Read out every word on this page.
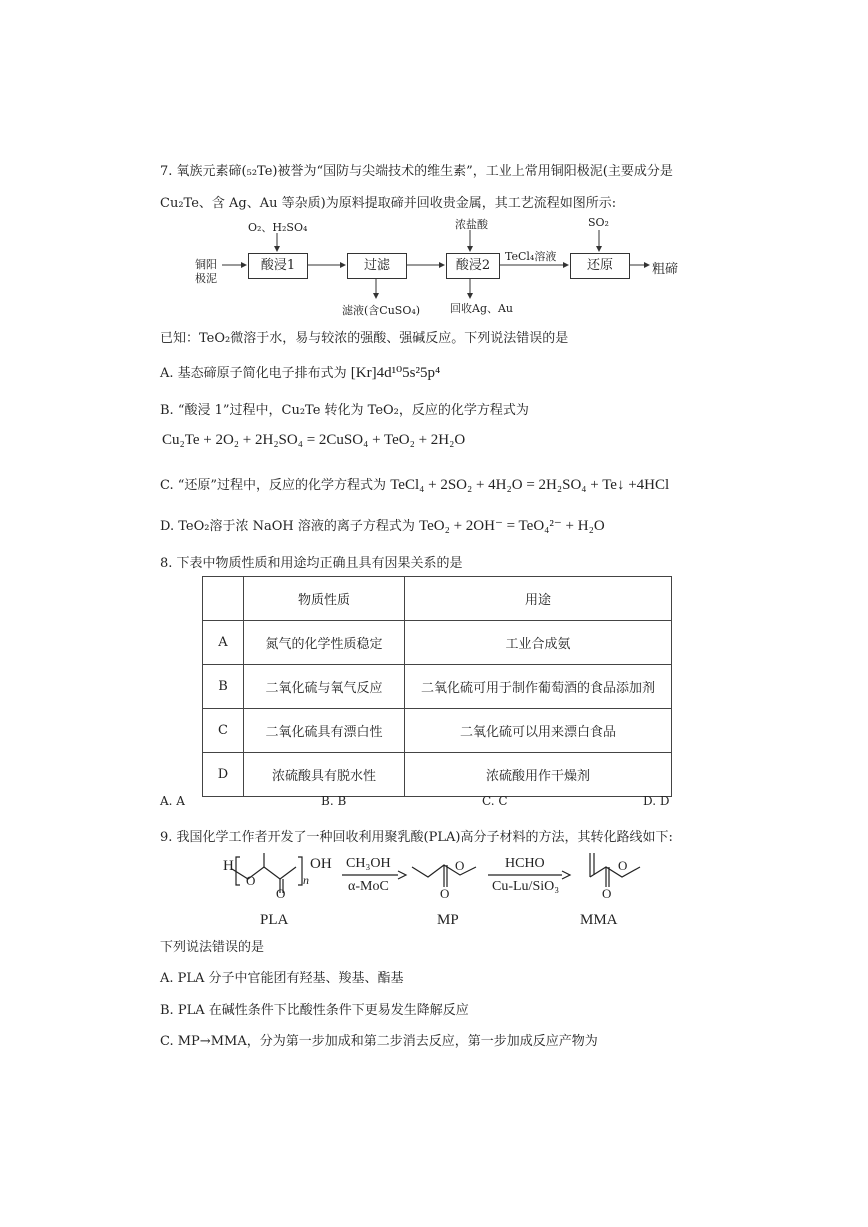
7. 氧族元素碲(₅₂Te)被誉为“国防与尖端技术的维生素”，工业上常用铜阳极泥(主要成分是
Cu₂Te、含 Ag、Au 等杂质)为原料提取碲并回收贵金属，其工艺流程如图所示:
铜阳
极泥
O₂、H₂SO₄
酸浸1	过滤
滤液(含CuSO₄)
浓盐酸
酸浸2
回收Ag、Au
TeCl₄溶液
SO₂
还原	粗碲
已知：TeO₂微溶于水，易与较浓的强酸、强碱反应。下列说法错误的是
A. 基态碲原子简化电子排布式为 [Kr]4d¹⁰5s²5p⁴
B. “酸浸 1”过程中，Cu₂Te 转化为 TeO₂，反应的化学方程式为
Cu₂Te + 2O₂ + 2H₂SO₄ = 2CuSO₄ + TeO₂ + 2H₂O
C. “还原”过程中，反应的化学方程式为 TeCl₄ + 2SO₂ + 4H₂O = 2H₂SO₄ + Te↓ +4HCl
D. TeO₂溶于浓 NaOH 溶液的离子方程式为 TeO₂ + 2OH⁻ = TeO₄²⁻ + H₂O
8. 下表中物质性质和用途均正确且具有因果关系的是
	物质性质	用途
A	氮气的化学性质稳定	工业合成氨
B	二氧化硫与氧气反应	二氧化硫可用于制作葡萄酒的食品添加剂
C	二氧化硫具有漂白性	二氧化硫可以用来漂白食品
D	浓硫酸具有脱水性	浓硫酸用作干燥剂
A. A	B. B	C. C	D. D
9. 我国化学工作者开发了一种回收利用聚乳酸(PLA)高分子材料的方法，其转化路线如下:
H
O
O
n
OH CH₃OH
α-MoC
O
O
HCHO
Cu-Lu/SiO₃
O
O
PLA	MP	MMA
下列说法错误的是
A. PLA 分子中官能团有羟基、羧基、酯基
B. PLA 在碱性条件下比酸性条件下更易发生降解反应
C. MP→MMA，分为第一步加成和第二步消去反应，第一步加成反应产物为
